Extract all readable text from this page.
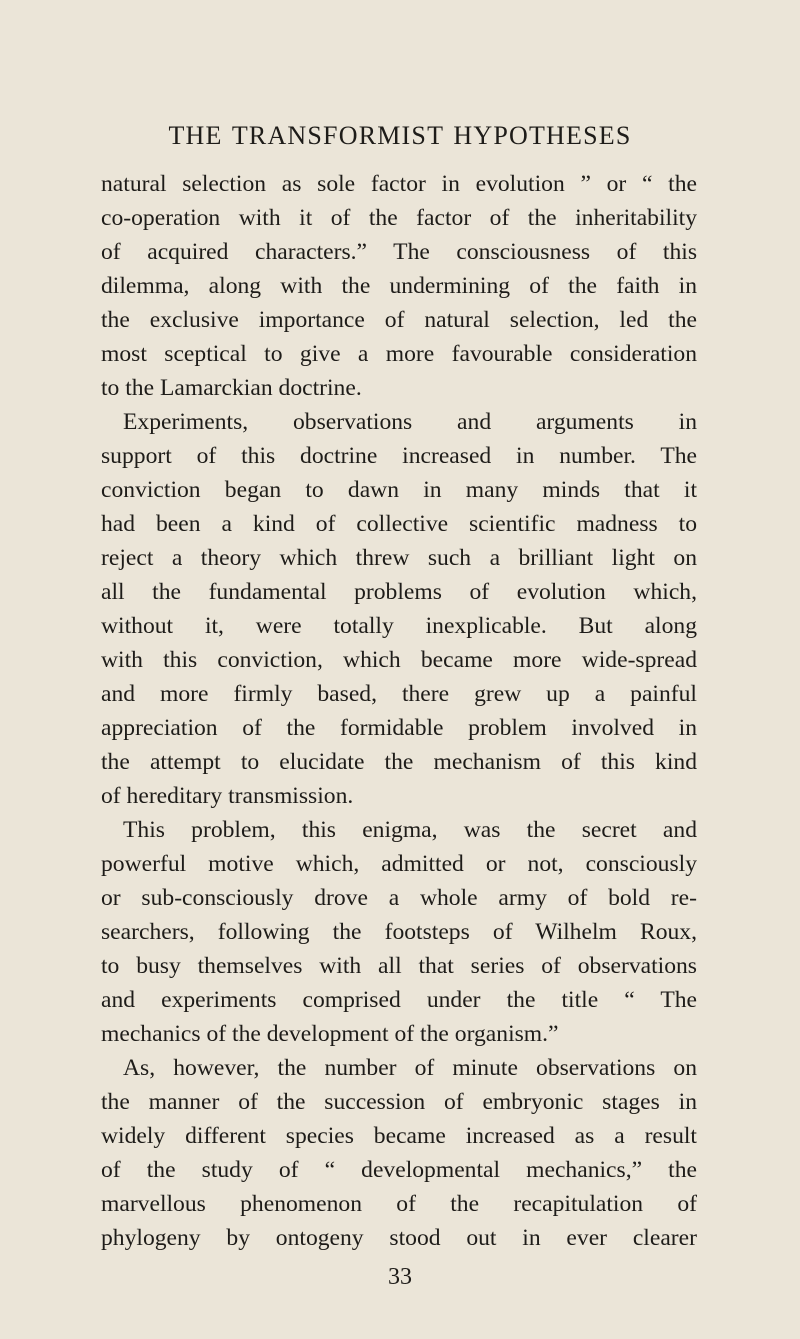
THE TRANSFORMIST HYPOTHESES
natural selection as sole factor in evolution ” or “ the
co-operation with it of the factor of the inheritability
of acquired characters.” The consciousness of this
dilemma, along with the undermining of the faith in
the exclusive importance of natural selection, led the
most sceptical to give a more favourable consideration
to the Lamarckian doctrine.
Experiments, observations and arguments in
support of this doctrine increased in number. The
conviction began to dawn in many minds that it
had been a kind of collective scientific madness to
reject a theory which threw such a brilliant light on
all the fundamental problems of evolution which,
without it, were totally inexplicable. But along
with this conviction, which became more wide-spread
and more firmly based, there grew up a painful
appreciation of the formidable problem involved in
the attempt to elucidate the mechanism of this kind
of hereditary transmission.
This problem, this enigma, was the secret and
powerful motive which, admitted or not, consciously
or sub-consciously drove a whole army of bold re-
searchers, following the footsteps of Wilhelm Roux,
to busy themselves with all that series of observations
and experiments comprised under the title “ The
mechanics of the development of the organism.”
As, however, the number of minute observations on
the manner of the succession of embryonic stages in
widely different species became increased as a result
of the study of “ developmental mechanics,” the
marvellous phenomenon of the recapitulation of
phylogeny by ontogeny stood out in ever clearer
33
